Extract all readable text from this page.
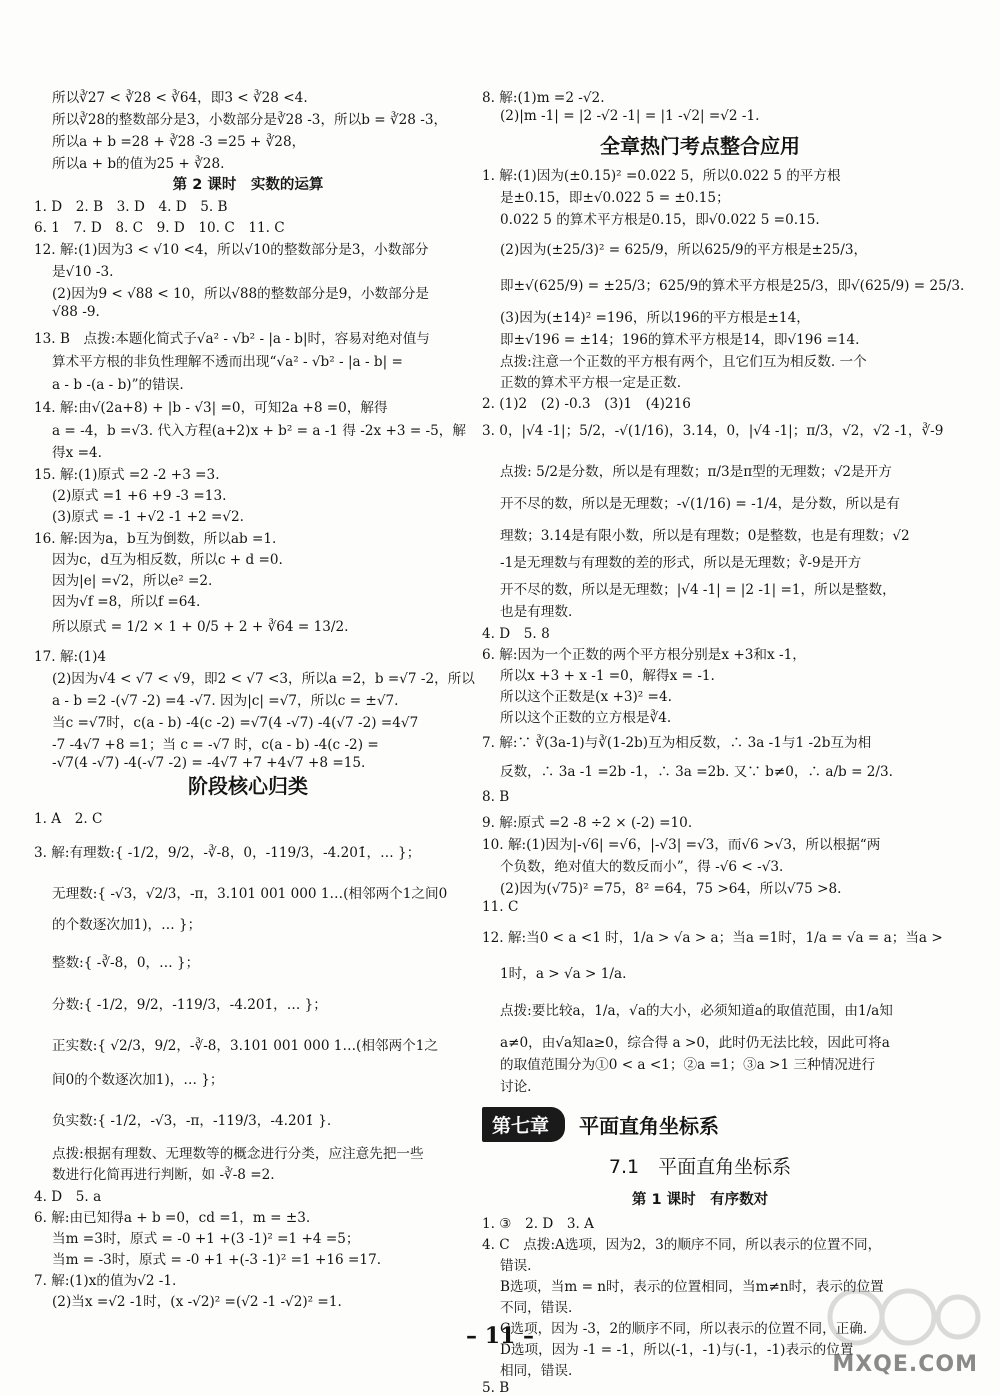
所以∛27 < ∛28 < ∛64，即3 < ∛28 <4.
所以∛28的整数部分是3，小数部分是∛28 -3，所以b = ∛28 -3，
所以a + b =28 + ∛28 -3 =25 + ∛28，
所以a + b的值为25 + ∛28.
第 2 课时　实数的运算
1. D　2. B　3. D　4. D　5. B
6. 1　7. D　8. C　9. D　10. C　11. C
12. 解:(1)因为3 < √10 <4，所以√10的整数部分是3，小数部分
是√10 -3.
(2)因为9 < √88 < 10，所以√88的整数部分是9，小数部分是
√88 -9.
13. B　点拨:本题化简式子√a² - √b² - |a - b|时，容易对绝对值与
算术平方根的非负性理解不透而出现“√a² - √b² - |a - b| =
a - b -(a - b)”的错误.
14. 解:由√(2a+8) + |b - √3| =0，可知2a +8 =0，解得
a = -4，b =√3. 代入方程(a+2)x + b² = a -1 得 -2x +3 = -5，解
得x =4.
15. 解:(1)原式 =2 -2 +3 =3.
(2)原式 =1 +6 +9 -3 =13.
(3)原式 = -1 +√2 -1 +2 =√2.
16. 解:因为a，b互为倒数，所以ab =1.
因为c，d互为相反数，所以c + d =0.
因为|e| =√2，所以e² =2.
因为√f =8，所以f =64.
所以原式 = 1/2 × 1 + 0/5 + 2 + ∛64 = 13/2.
17. 解:(1)4
(2)因为√4 < √7 < √9，即2 < √7 <3，所以a =2，b =√7 -2，所以
a - b =2 -(√7 -2) =4 -√7. 因为|c| =√7，所以c = ±√7.
当c =√7时，c(a - b) -4(c -2) =√7(4 -√7) -4(√7 -2) =4√7
-7 -4√7 +8 =1；当 c = -√7 时，c(a - b) -4(c -2) =
-√7(4 -√7) -4(-√7 -2) = -4√7 +7 +4√7 +8 =15.
阶段核心归类
1. A　2. C
3. 解:有理数:{ -1/2，9/2，-∛-8，0，-119/3，-4.2̇01̇，… }；
无理数:{ -√3，√2/3，-π，3.101 001 000 1…(相邻两个1之间0
的个数逐次加1)，… }；
整数:{ -∛-8，0，… }；
分数:{ -1/2，9/2，-119/3，-4.2̇01̇，… }；
正实数:{ √2/3，9/2，-∛-8，3.101 001 000 1…(相邻两个1之
间0的个数逐次加1)，… }；
负实数:{ -1/2，-√3，-π，-119/3，-4.2̇01̇ }.
点拨:根据有理数、无理数等的概念进行分类，应注意先把一些
数进行化简再进行判断，如 -∛-8 =2.
4. D　5. a
6. 解:由已知得a + b =0，cd =1，m = ±3.
当m =3时，原式 = -0 +1 +(3 -1)² =1 +4 =5；
当m = -3时，原式 = -0 +1 +(-3 -1)² =1 +16 =17.
7. 解:(1)x的值为√2 -1.
(2)当x =√2 -1时，(x -√2)² =(√2 -1 -√2)² =1.
8. 解:(1)m =2 -√2.
(2)|m -1| = |2 -√2 -1| = |1 -√2| =√2 -1.
全章热门考点整合应用
1. 解:(1)因为(±0.15)² =0.022 5，所以0.022 5 的平方根
是±0.15，即±√0.022 5 = ±0.15；
0.022 5 的算术平方根是0.15，即√0.022 5 =0.15.
(2)因为(±25/3)² = 625/9，所以625/9的平方根是±25/3，
即±√(625/9) = ±25/3；625/9的算术平方根是25/3，即√(625/9) = 25/3.
(3)因为(±14)² =196，所以196的平方根是±14，
即±√196 = ±14；196的算术平方根是14，即√196 =14.
点拨:注意一个正数的平方根有两个，且它们互为相反数. 一个
正数的算术平方根一定是正数.
2. (1)2　(2) -0.3　(3)1　(4)216
3. 0，|√4 -1|；5/2，-√(1/16)，3.14，0，|√4 -1|；π/3，√2，√2 -1，∛-9
点拨: 5/2是分数，所以是有理数；π/3是π型的无理数；√2是开方
开不尽的数，所以是无理数；-√(1/16) = -1/4，是分数，所以是有
理数；3.14是有限小数，所以是有理数；0是整数，也是有理数；√2
-1是无理数与有理数的差的形式，所以是无理数；∛-9是开方
开不尽的数，所以是无理数；|√4 -1| = |2 -1| =1，所以是整数，
也是有理数.
4. D　5. 8
6. 解:因为一个正数的两个平方根分别是x +3和x -1，
所以x +3 + x -1 =0，解得x = -1.
所以这个正数是(x +3)² =4.
所以这个正数的立方根是∛4.
7. 解:∵ ∛(3a-1)与∛(1-2b)互为相反数，∴ 3a -1与1 -2b互为相
反数，∴ 3a -1 =2b -1，∴ 3a =2b. 又∵ b≠0，∴ a/b = 2/3.
8. B
9. 解:原式 =2 -8 ÷2 × (-2) =10.
10. 解:(1)因为|-√6| =√6，|-√3| =√3，而√6 >√3，所以根据“两
个负数，绝对值大的数反而小”，得 -√6 < -√3.
(2)因为(√75)² =75，8² =64，75 >64，所以√75 >8.
11. C
12. 解:当0 < a <1 时，1/a > √a > a；当a =1时，1/a = √a = a；当a >
1时，a > √a > 1/a.
点拨:要比较a，1/a，√a的大小，必须知道a的取值范围，由1/a知
a≠0，由√a知a≥0，综合得 a >0，此时仍无法比较，因此可将a
的取值范围分为①0 < a <1；②a =1；③a >1 三种情况进行
讨论.
第七章	平面直角坐标系
7.1　平面直角坐标系
第 1 课时　有序数对
1. ③　2. D　3. A
4. C　点拨:A选项，因为2，3的顺序不同，所以表示的位置不同，
错误.
B选项，当m = n时，表示的位置相同，当m≠n时，表示的位置
不同，错误.
C选项，因为 -3，2的顺序不同，所以表示的位置不同，正确.
D选项，因为 -1 = -1，所以(-1，-1)与(-1，-1)表示的位置
相同，错误.
5. B
– 11 –
MXQE.COM
